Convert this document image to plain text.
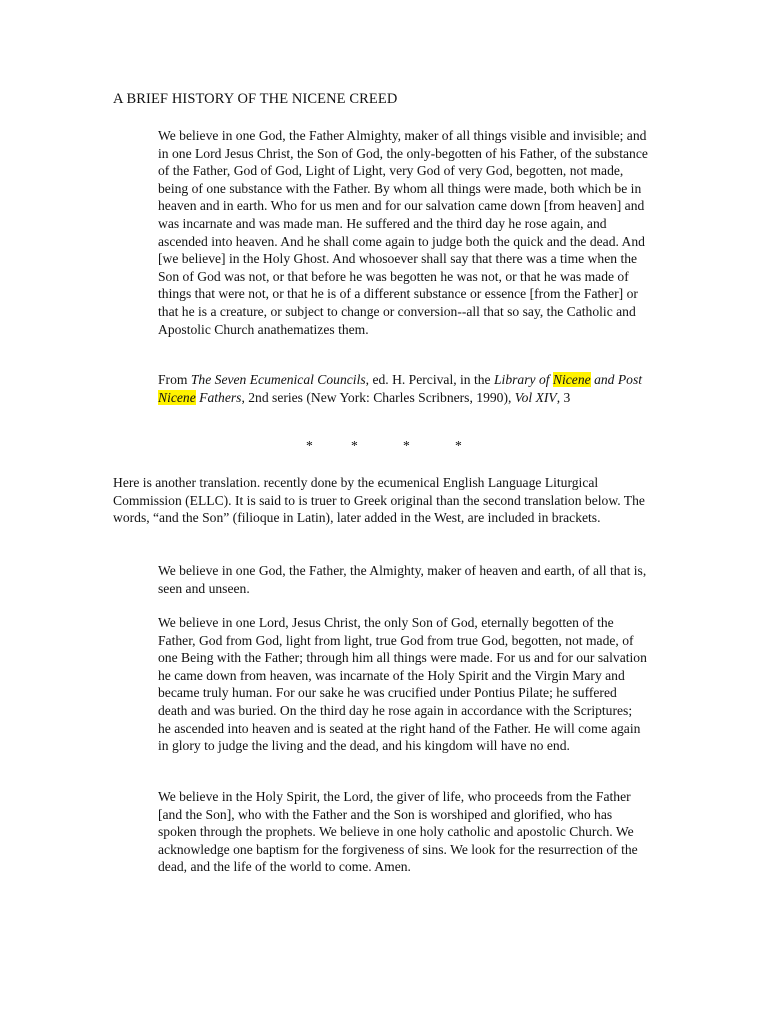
A BRIEF HISTORY OF THE NICENE CREED

We believe in one God, the Father Almighty, maker of all things visible and invisible; and in one Lord Jesus Christ, the Son of God, the only-begotten of his Father, of the substance of the Father, God of God, Light of Light, very God of very God, begotten, not made, being of one substance with the Father. By whom all things were made, both which be in heaven and in earth. Who for us men and for our salvation came down [from heaven] and was incarnate and was made man. He suffered and the third day he rose again, and ascended into heaven. And he shall come again to judge both the quick and the dead. And [we believe] in the Holy Ghost. And whosoever shall say that there was a time when the Son of God was not, or that before he was begotten he was not, or that he was made of things that were not, or that he is of a different substance or essence [from the Father] or that he is a creature, or subject to change or conversion--all that so say, the Catholic and Apostolic Church anathematizes them.

From The Seven Ecumenical Councils, ed. H. Percival, in the Library of Nicene and Post Nicene Fathers, 2nd series (New York: Charles Scribners, 1990), Vol XIV, 3

*	*	*	*

Here is another translation. recently done by the ecumenical English Language Liturgical Commission (ELLC). It is said to is truer to Greek original than the second translation below. The words, “and the Son” (filioque in Latin), later added in the West, are included in brackets.

We believe in one God, the Father, the Almighty, maker of heaven and earth, of all that is, seen and unseen.

We believe in one Lord, Jesus Christ, the only Son of God, eternally begotten of the Father, God from God, light from light, true God from true God, begotten, not made, of one Being with the Father; through him all things were made. For us and for our salvation he came down from heaven, was incarnate of the Holy Spirit and the Virgin Mary and became truly human. For our sake he was crucified under Pontius Pilate; he suffered death and was buried. On the third day he rose again in accordance with the Scriptures; he ascended into heaven and is seated at the right hand of the Father. He will come again in glory to judge the living and the dead, and his kingdom will have no end.

We believe in the Holy Spirit, the Lord, the giver of life, who proceeds from the Father [and the Son], who with the Father and the Son is worshiped and glorified, who has spoken through the prophets. We believe in one holy catholic and apostolic Church. We acknowledge one baptism for the forgiveness of sins. We look for the resurrection of the dead, and the life of the world to come. Amen.
